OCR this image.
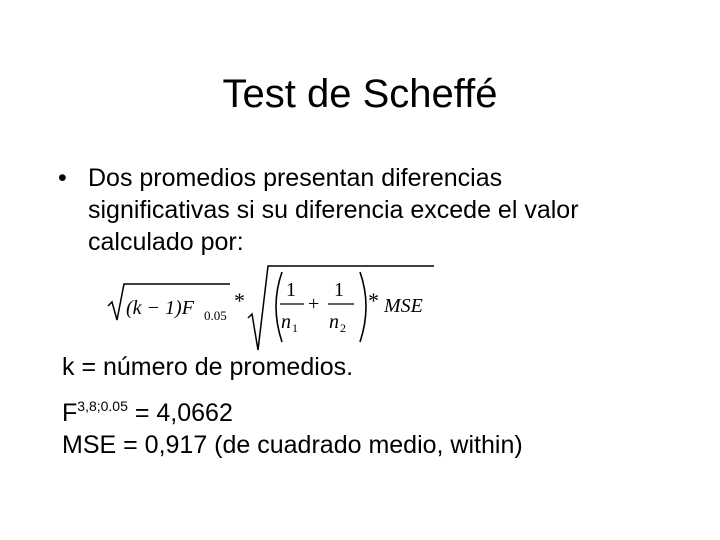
Test de Scheffé
• Dos promedios presentan diferencias significativas si su diferencia excede el valor calculado por:
(k − 1)F 0.05
* 1
n 1
+
1
n 2
* MSE
k = número de promedios.
$F^{3,8;0.05} = 4,0662$
MSE = 0,917 (de cuadrado medio, within)
